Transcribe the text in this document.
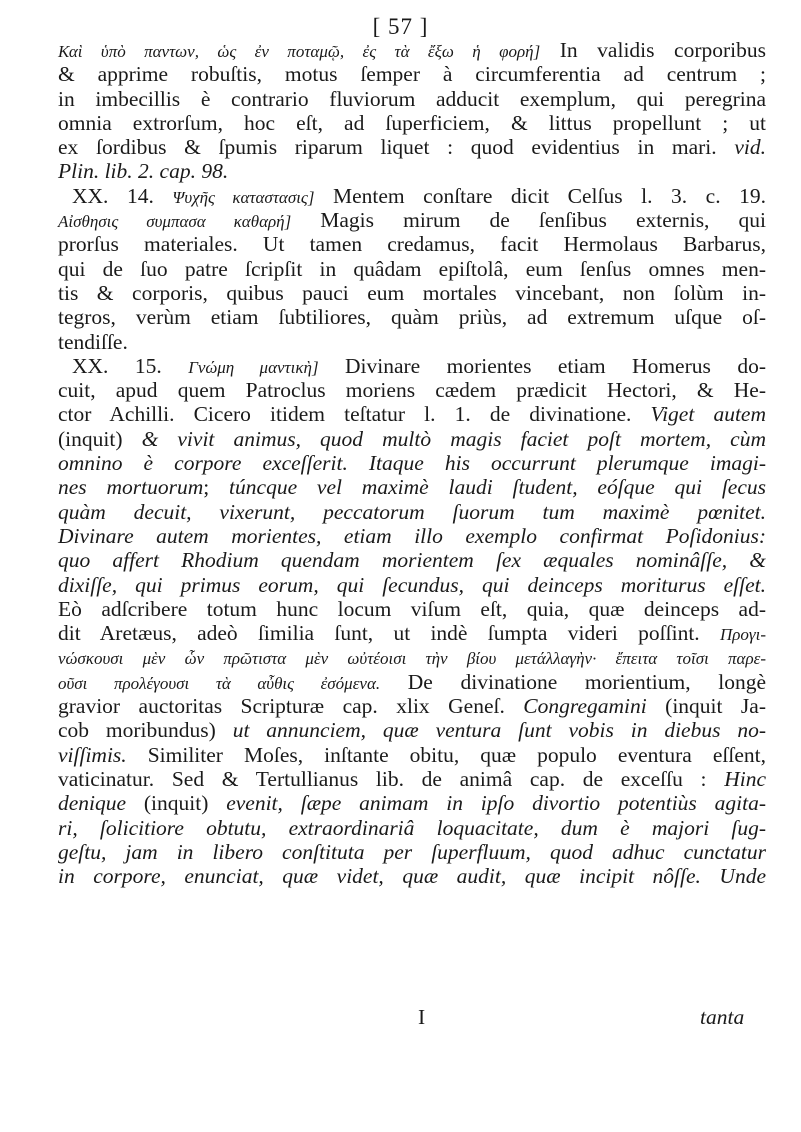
[ 57 ]
Καὶ ὑπὸ παντων, ὡς ἐν ποταμῷ, ἐς τὰ ἔξω ἡ φορή] In validis corporibus
& apprime robuſtis, motus ſemper à circumferentia ad centrum ;
in imbecillis è contrario fluviorum adducit exemplum, qui peregrina
omnia extrorſum, hoc eſt, ad ſuperficiem, & littus propellunt ; ut
ex ſordibus & ſpumis riparum liquet : quod evidentius in mari. vid.
Plin. lib. 2. cap. 98.
XX. 14. Ψυχῆς καταστασις] Mentem conſtare dicit Celſus l. 3. c. 19.
Αἰσθησις συμπασα καθαρή] Magis mirum de ſenſibus externis, qui
prorſus materiales. Ut tamen credamus, facit Hermolaus Barbarus,
qui de ſuo patre ſcripſit in quâdam epiſtolâ, eum ſenſus omnes men-
tis & corporis, quibus pauci eum mortales vincebant, non ſolùm in-
tegros, verùm etiam ſubtiliores, quàm priùs, ad extremum uſque oſ-
tendiſſe.
XX. 15. Γνώμη μαντικὴ] Divinare morientes etiam Homerus do-
cuit, apud quem Patroclus moriens cædem prædicit Hectori, & He-
ctor Achilli. Cicero itidem teſtatur l. 1. de divinatione. Viget autem
(inquit) & vivit animus, quod multò magis faciet poſt mortem, cùm
omnino è corpore exceſſerit. Itaque his occurrunt plerumque imagi-
nes mortuorum; túncque vel maximè laudi ſtudent, eóſque qui ſecus
quàm decuit, vixerunt, peccatorum ſuorum tum maximè pœnitet.
Divinare autem morientes, etiam illo exemplo confirmat Poſidonius:
quo affert Rhodium quendam morientem ſex æquales nominâſſe, &
dixiſſe, qui primus eorum, qui ſecundus, qui deinceps moriturus eſſet.
Eò adſcribere totum hunc locum viſum eſt, quia, quæ deinceps ad-
dit Aretæus, adeò ſimilia ſunt, ut indè ſumpta videri poſſint. Προγι-
νώσκουσι μὲν ὧν πρῶτιστα μὲν ωὐτέοισι τὴν βίου μετάλλαγὴν· ἔπειτα τοῖσι παρε-
οῦσι προλέγουσι τὰ αὖθις ἐσόμενα. De divinatione morientium, longè
gravior auctoritas Scripturæ cap. xlix Geneſ. Congregamini (inquit Ja-
cob moribundus) ut annunciem, quæ ventura ſunt vobis in diebus no-
viſſimis. Similiter Moſes, inſtante obitu, quæ populo eventura eſſent,
vaticinatur. Sed & Tertullianus lib. de animâ cap. de exceſſu : Hinc
denique (inquit) evenit, ſæpe animam in ipſo divortio potentiùs agita-
ri, ſolicitiore obtutu, extraordinariâ loquacitate, dum è majori ſug-
geſtu, jam in libero conſtituta per ſuperfluum, quod adhuc cunctatur
in corpore, enunciat, quæ videt, quæ audit, quæ incipit nôſſe. Unde
I	tanta
